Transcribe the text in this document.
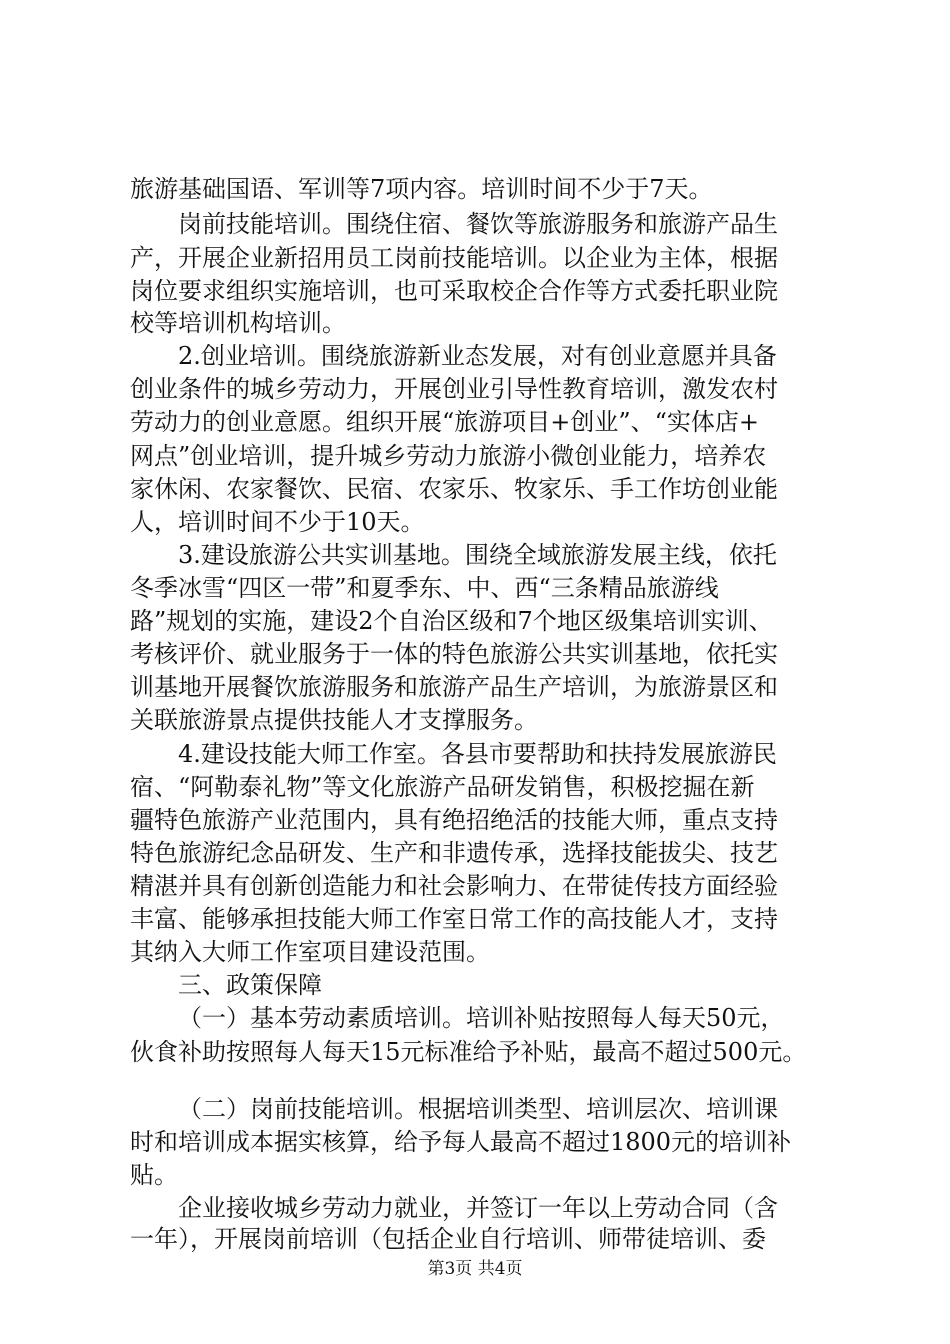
旅游基础国语、军训等7项内容。培训时间不少于7天。
岗前技能培训。围绕住宿、餐饮等旅游服务和旅游产品生
产，开展企业新招用员工岗前技能培训。以企业为主体，根据
岗位要求组织实施培训，也可采取校企合作等方式委托职业院
校等培训机构培训。
2.创业培训。围绕旅游新业态发展，对有创业意愿并具备
创业条件的城乡劳动力，开展创业引导性教育培训，激发农村
劳动力的创业意愿。组织开展“旅游项目+创业”、“实体店+
网点”创业培训，提升城乡劳动力旅游小微创业能力，培养农
家休闲、农家餐饮、民宿、农家乐、牧家乐、手工作坊创业能
人，培训时间不少于10天。
3.建设旅游公共实训基地。围绕全域旅游发展主线，依托
冬季冰雪“四区一带”和夏季东、中、西“三条精品旅游线
路”规划的实施，建设2个自治区级和7个地区级集培训实训、
考核评价、就业服务于一体的特色旅游公共实训基地，依托实
训基地开展餐饮旅游服务和旅游产品生产培训，为旅游景区和
关联旅游景点提供技能人才支撑服务。
4.建设技能大师工作室。各县市要帮助和扶持发展旅游民
宿、“阿勒泰礼物”等文化旅游产品研发销售，积极挖掘在新
疆特色旅游产业范围内，具有绝招绝活的技能大师，重点支持
特色旅游纪念品研发、生产和非遗传承，选择技能拔尖、技艺
精湛并具有创新创造能力和社会影响力、在带徒传技方面经验
丰富、能够承担技能大师工作室日常工作的高技能人才，支持
其纳入大师工作室项目建设范围。
三、政策保障
（一）基本劳动素质培训。培训补贴按照每人每天50元，
伙食补助按照每人每天15元标准给予补贴，最高不超过500元。
（二）岗前技能培训。根据培训类型、培训层次、培训课
时和培训成本据实核算，给予每人最高不超过1800元的培训补
贴。
企业接收城乡劳动力就业，并签订一年以上劳动合同（含
一年），开展岗前培训（包括企业自行培训、师带徒培训、委
第3页 共4页
